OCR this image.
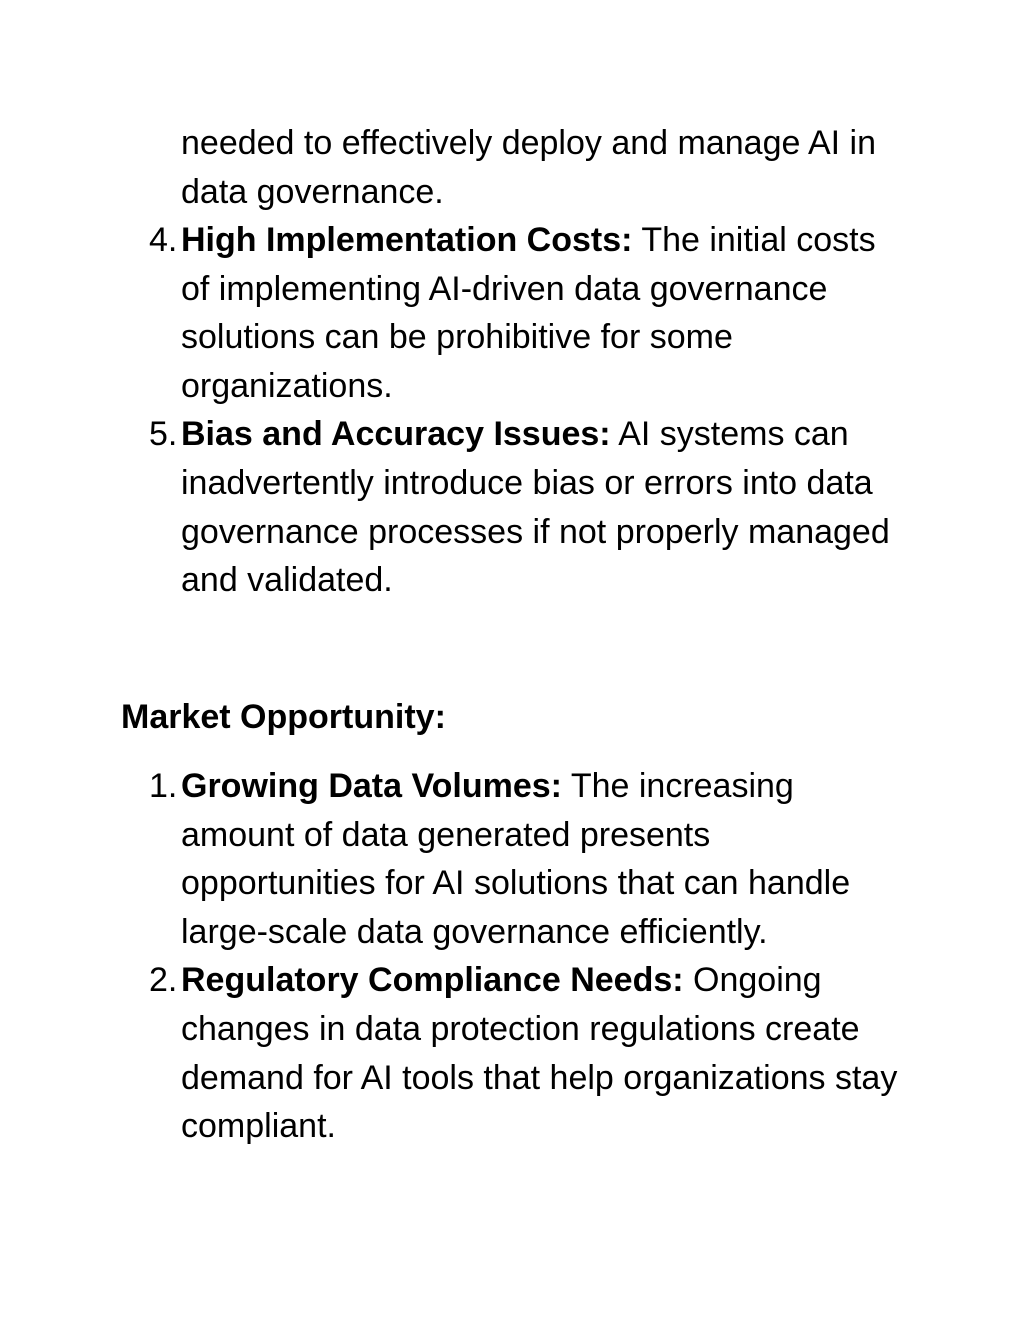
needed to effectively deploy and manage AI in data governance.
4. High Implementation Costs: The initial costs of implementing AI-driven data governance solutions can be prohibitive for some organizations.
5. Bias and Accuracy Issues: AI systems can inadvertently introduce bias or errors into data governance processes if not properly managed and validated.
Market Opportunity:
1. Growing Data Volumes: The increasing amount of data generated presents opportunities for AI solutions that can handle large-scale data governance efficiently.
2. Regulatory Compliance Needs: Ongoing changes in data protection regulations create demand for AI tools that help organizations stay compliant.
